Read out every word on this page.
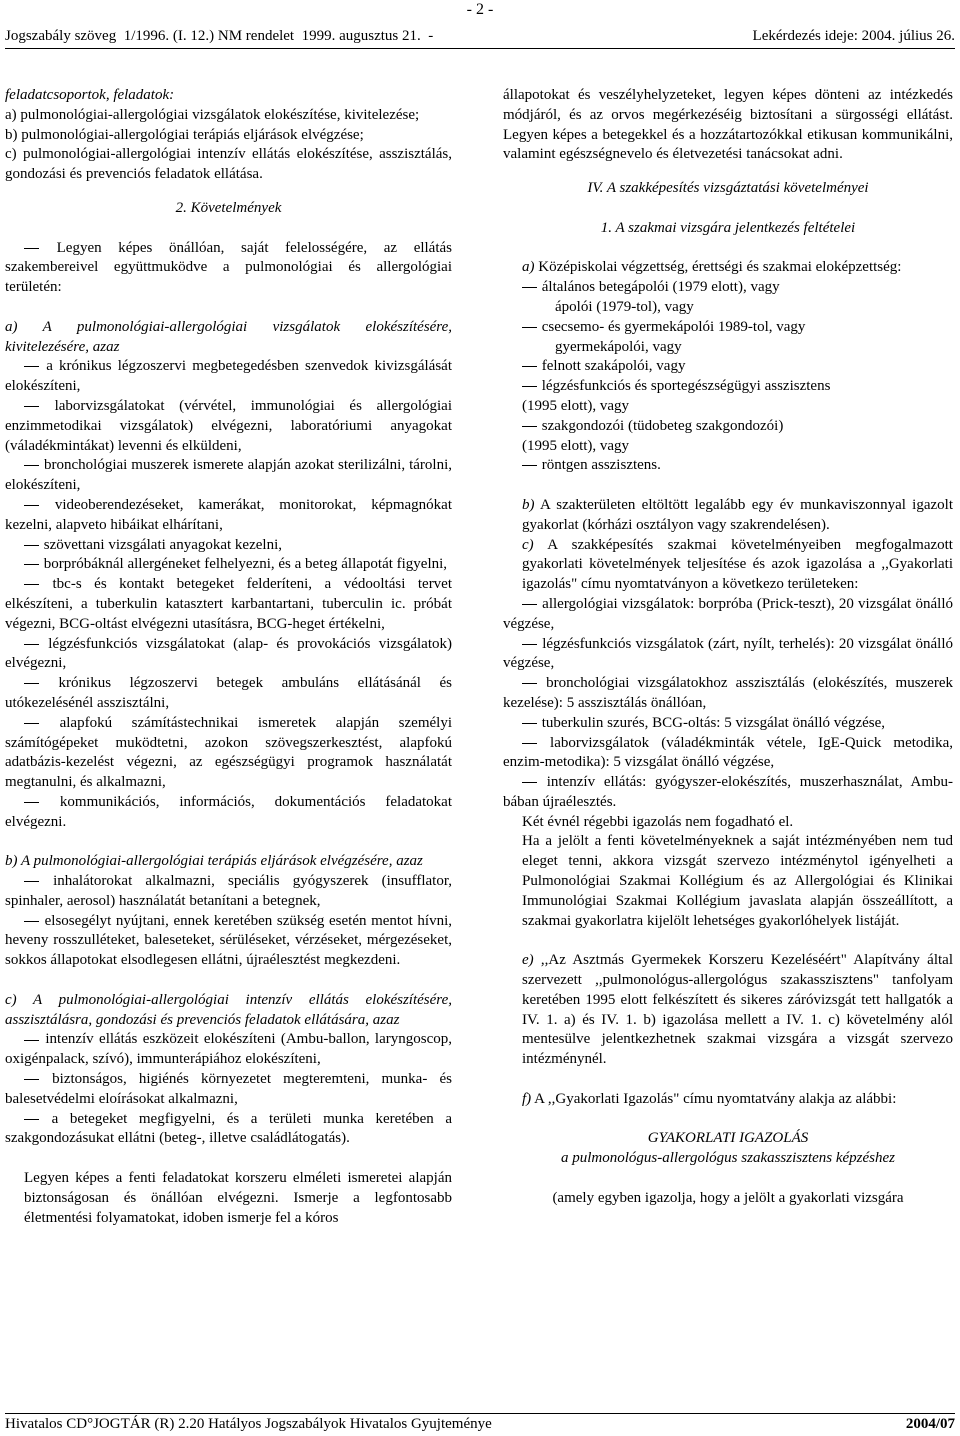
- 2 -
Jogszabály szöveg  1/1996. (I. 12.) NM rendelet  1999. augusztus 21.  -	Lekérdezés ideje: 2004. július 26.

feladatcsoportok, feladatok:

a) pulmonológiai-allergológiai vizsgálatok elokészítése, kivitelezése;

b) pulmonológiai-allergológiai terápiás eljárások elvégzése;

c) pulmonológiai-allergológiai intenzív ellátás elokészítése, asszisztálás, gondozási és prevenciós feladatok ellátása.

2. Követelmények

Legyen képes önállóan, saját felelosségére, az ellátás szakembereivel együttmuködve a pulmonológiai és allergológiai területén:

a) A pulmonológiai-allergológiai vizsgálatok elokészítésére, kivitelezésére, azaz

a krónikus légzoszervi megbetegedésben szenvedok kivizsgálását elokészíteni,

laborvizsgálatokat (vérvétel, immunológiai és allergológiai enzimmetodikai vizsgálatok) elvégezni, laboratóriumi anyagokat (váladékmintákat) levenni és elküldeni,

bronchológiai muszerek ismerete alapján azokat sterilizálni, tárolni, elokészíteni,

videoberendezéseket, kamerákat, monitorokat, képmagnókat kezelni, alapveto hibáikat elhárítani,

szövettani vizsgálati anyagokat kezelni,

borpróbáknál allergéneket felhelyezni, és a beteg állapotát figyelni,

tbc-s és kontakt betegeket felderíteni, a védooltási tervet elkészíteni, a tuberkulin katasztert karbantartani, tuberculin ic. próbát végezni, BCG-oltást elvégezni utasításra, BCG-heget értékelni,

légzésfunkciós vizsgálatokat (alap- és provokációs vizsgálatok) elvégezni,

krónikus légzoszervi betegek ambuláns ellátásánál és utókezelésénél asszisztálni,

alapfokú számítástechnikai ismeretek alapján személyi számítógépeket muködtetni, azokon szövegszerkesztést, alapfokú adatbázis-kezelést végezni, az egészségügyi programok használatát megtanulni, és alkalmazni,

kommunikációs, információs, dokumentációs feladatokat elvégezni.

b) A pulmonológiai-allergológiai terápiás eljárások elvégzésére, azaz

inhalátorokat alkalmazni, speciális gyógyszerek (insufflator, spinhaler, aerosol) használatát betanítani a betegnek,

elsosegélyt nyújtani, ennek keretében szükség esetén mentot hívni, heveny rosszulléteket, baleseteket, sérüléseket, vérzéseket, mérgezéseket, sokkos állapotokat elsodlegesen ellátni, újraélesztést megkezdeni.

c) A pulmonológiai-allergológiai intenzív ellátás elokészítésére, asszisztálásra, gondozási és prevenciós feladatok ellátására, azaz

intenzív ellátás eszközeit elokészíteni (Ambu-ballon, laryngoscop, oxigénpalack, szívó), immunterápiához elokészíteni,

biztonságos, higiénés környezetet megteremteni, munka- és balesetvédelmi eloírásokat alkalmazni,

a betegeket megfigyelni, és a területi munka keretében a szakgondozásukat ellátni (beteg-, illetve családlátogatás).

Legyen képes a fenti feladatokat korszeru elméleti ismeretei alapján biztonságosan és önállóan elvégezni. Ismerje a legfontosabb életmentési folyamatokat, idoben ismerje fel a kóros

állapotokat és veszélyhelyzeteket, legyen képes dönteni az intézkedés módjáról, és az orvos megérkezéséig biztosítani a sürgosségi ellátást. Legyen képes a betegekkel és a hozzátartozókkal etikusan kommunikálni, valamint egészségnevelo és életvezetési tanácsokat adni.

IV. A szakképesítés vizsgáztatási követelményei

1. A szakmai vizsgára jelentkezés feltételei

a) Középiskolai végzettség, érettségi és szakmai eloképzettség:

általános betegápolói (1979 elott), vagy

ápolói (1979-tol), vagy

csecsemo- és gyermekápolói 1989-tol, vagy

gyermekápolói, vagy

felnott szakápolói, vagy

légzésfunkciós és sportegészségügyi asszisztens

(1995 elott), vagy

szakgondozói (tüdobeteg szakgondozói)

(1995 elott), vagy

röntgen asszisztens.

b) A szakterületen eltöltött legalább egy év munkaviszonnyal igazolt gyakorlat (kórházi osztályon vagy szakrendelésen).

c) A szakképesítés szakmai követelményeiben megfogalmazott gyakorlati követelmények teljesítése és azok igazolása a ,,Gyakorlati igazolás" címu nyomtatványon a következo területeken:

allergológiai vizsgálatok: borpróba (Prick-teszt), 20 vizsgálat önálló végzése,

légzésfunkciós vizsgálatok (zárt, nyílt, terhelés): 20 vizsgálat önálló végzése,

bronchológiai vizsgálatokhoz asszisztálás (elokészítés, muszerek kezelése): 5 asszisztálás önállóan,

tuberkulin szurés, BCG-oltás: 5 vizsgálat önálló végzése,

laborvizsgálatok (váladékminták vétele, IgE-Quick metodika, enzim-metodika): 5 vizsgálat önálló végzése,

intenzív ellátás: gyógyszer-elokészítés, muszerhasználat, Ambu-bában újraélesztés.

Két évnél régebbi igazolás nem fogadható el.

Ha a jelölt a fenti követelményeknek a saját intézményében nem tud eleget tenni, akkora vizsgát szervezo intézménytol igényelheti a Pulmonológiai Szakmai Kollégium és az Allergológiai és Klinikai Immunológiai Szakmai Kollégium javaslata alapján összeállított, a szakmai gyakorlatra kijelölt lehetséges gyakorlóhelyek listáját.

e) ,,Az Asztmás Gyermekek Korszeru Kezeléséért" Alapítvány által szervezett ,,pulmonológus-allergológus szakasszisztens" tanfolyam keretében 1995 elott felkészített és sikeres záróvizsgát tett hallgatók a IV. 1. a) és IV. 1. b) igazolása mellett a IV. 1. c) követelmény alól mentesülve jelentkezhetnek szakmai vizsgára a vizsgát szervezo intézménynél.

f) A ,,Gyakorlati Igazolás" címu nyomtatvány alakja az alábbi:

GYAKORLATI IGAZOLÁS

a pulmonológus-allergológus szakasszisztens képzéshez

(amely egyben igazolja, hogy a jelölt a gyakorlati vizsgára

Hivatalos CD°JOGTÁR (R) 2.20 Hatályos Jogszabályok Hivatalos Gyujteménye	2004/07
